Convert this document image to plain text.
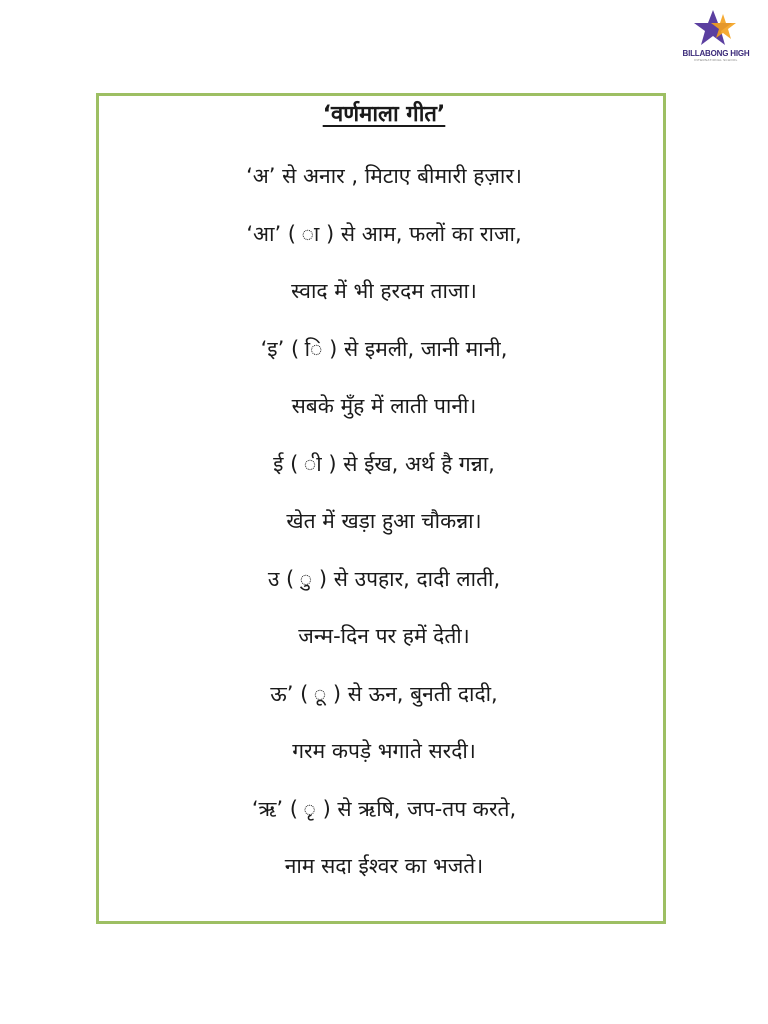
BILLABONG HIGH
INTERNATIONAL SCHOOL
‘वर्णमाला गीत’
‘अ’ से अनार , मिटाए बीमारी हज़ार।
‘आ’ ( ा ) से आम, फलों का राजा,
स्वाद में भी हरदम ताजा।
‘इ’ ( ि ) से इमली, जानी मानी,
सबके मुँह में लाती पानी।
ई ( ी ) से ईख, अर्थ है गन्ना,
खेत में खड़ा हुआ चौकन्ना।
उ ( ु ) से उपहार, दादी लाती,
जन्म-दिन पर हमें देती।
ऊ’ ( ू ) से ऊन, बुनती दादी,
गरम कपड़े भगाते सरदी।
‘ऋ’ ( ृ ) से ऋषि, जप-तप करते,
नाम सदा ईश्वर का भजते।
